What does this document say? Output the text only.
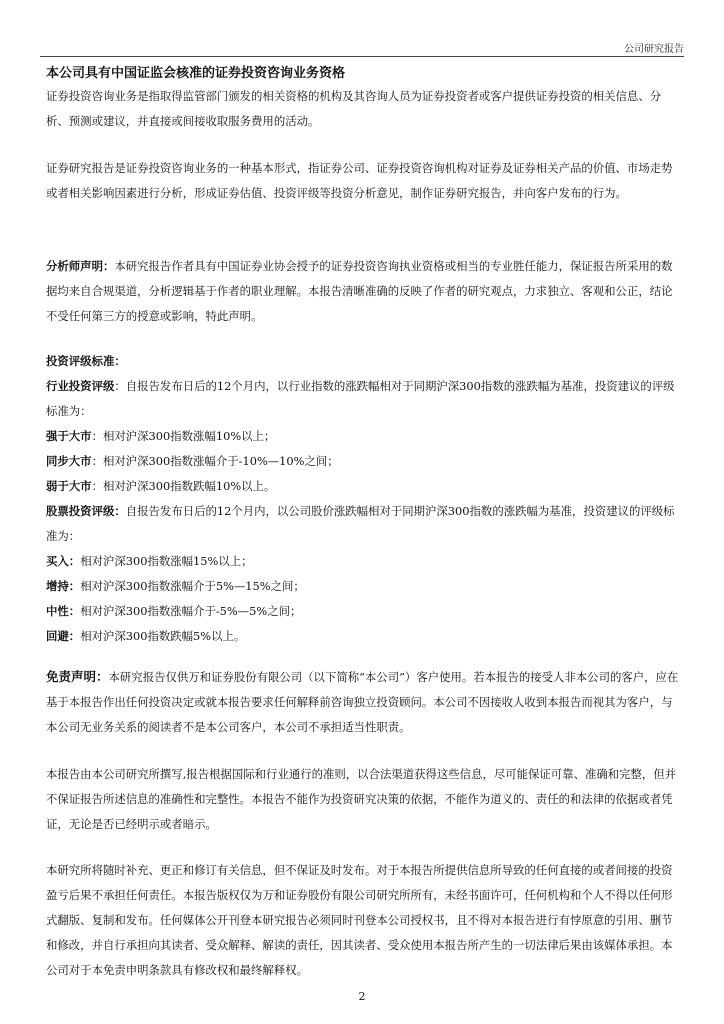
公司研究报告
本公司具有中国证监会核准的证券投资咨询业务资格

证券投资咨询业务是指取得监管部门颁发的相关资格的机构及其咨询人员为证券投资者或客户提供证券投资的相关信息、分析、预测或建议，并直接或间接收取服务费用的活动。

证券研究报告是证券投资咨询业务的一种基本形式，指证券公司、证券投资咨询机构对证券及证券相关产品的价值、市场走势或者相关影响因素进行分析，形成证券估值、投资评级等投资分析意见，制作证券研究报告，并向客户发布的行为。

分析师声明：本研究报告作者具有中国证券业协会授予的证券投资咨询执业资格或相当的专业胜任能力，保证报告所采用的数据均来自合规渠道，分析逻辑基于作者的职业理解。本报告清晰准确的反映了作者的研究观点，力求独立、客观和公正，结论不受任何第三方的授意或影响，特此声明。

投资评级标准：
行业投资评级：自报告发布日后的12个月内，以行业指数的涨跌幅相对于同期沪深300指数的涨跌幅为基准，投资建议的评级标准为：
强于大市：相对沪深300指数涨幅10%以上；
同步大市：相对沪深300指数涨幅介于-10%—10%之间；
弱于大市：相对沪深300指数跌幅10%以上。
股票投资评级：自报告发布日后的12个月内，以公司股价涨跌幅相对于同期沪深300指数的涨跌幅为基准，投资建议的评级标准为：
买入：相对沪深300指数涨幅15%以上；
增持：相对沪深300指数涨幅介于5%—15%之间；
中性：相对沪深300指数涨幅介于-5%—5%之间；
回避：相对沪深300指数跌幅5%以上。

免责声明：本研究报告仅供万和证券股份有限公司（以下简称“本公司”）客户使用。若本报告的接受人非本公司的客户，应在基于本报告作出任何投资决定或就本报告要求任何解释前咨询独立投资顾问。本公司不因接收人收到本报告而视其为客户，与本公司无业务关系的阅读者不是本公司客户，本公司不承担适当性职责。

本报告由本公司研究所撰写,报告根据国际和行业通行的准则，以合法渠道获得这些信息，尽可能保证可靠、准确和完整，但并不保证报告所述信息的准确性和完整性。本报告不能作为投资研究决策的依据，不能作为道义的、责任的和法律的依据或者凭证，无论是否已经明示或者暗示。

本研究所将随时补充、更正和修订有关信息，但不保证及时发布。对于本报告所提供信息所导致的任何直接的或者间接的投资盈亏后果不承担任何责任。本报告版权仅为万和证券股份有限公司研究所所有，未经书面许可，任何机构和个人不得以任何形式翻版、复制和发布。任何媒体公开刊登本研究报告必须同时刊登本公司授权书，且不得对本报告进行有悖原意的引用、删节和修改，并自行承担向其读者、受众解释、解读的责任，因其读者、受众使用本报告所产生的一切法律后果由该媒体承担。本公司对于本免责申明条款具有修改权和最终解释权。

2
